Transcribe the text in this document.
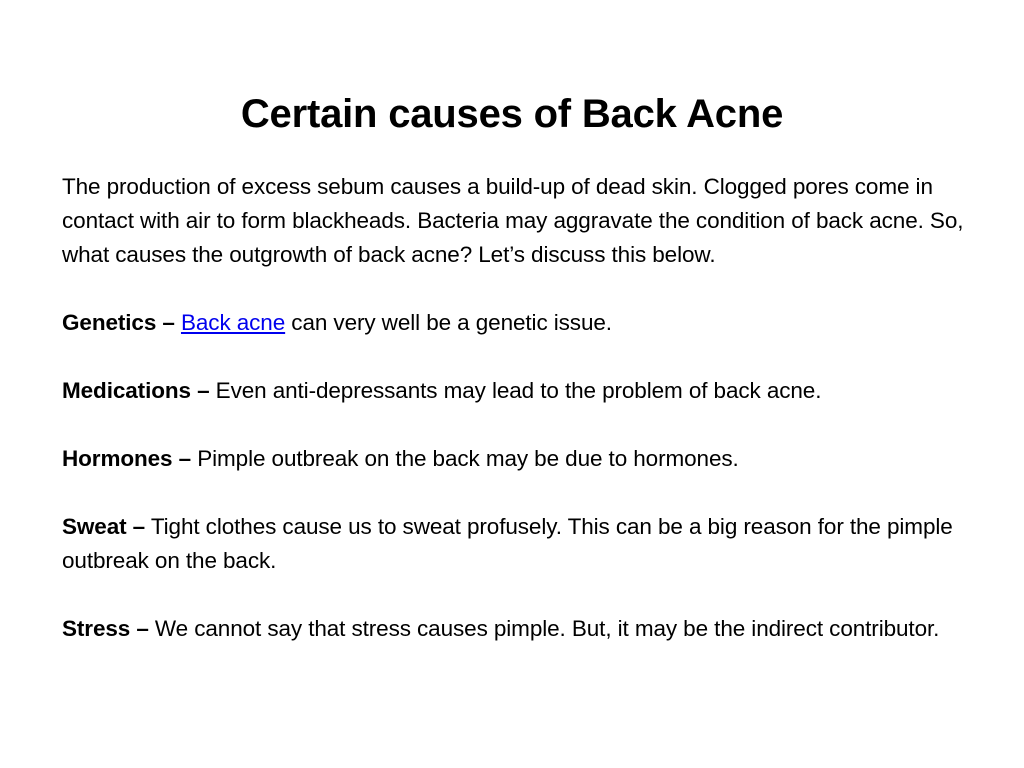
Certain causes of Back Acne

The production of excess sebum causes a build-up of dead skin. Clogged pores come in contact with air to form blackheads. Bacteria may aggravate the condition of back acne. So, what causes the outgrowth of back acne? Let’s discuss this below.

Genetics – Back acne can very well be a genetic issue.

Medications – Even anti-depressants may lead to the problem of back acne.

Hormones – Pimple outbreak on the back may be due to hormones.

Sweat – Tight clothes cause us to sweat profusely. This can be a big reason for the pimple outbreak on the back.

Stress – We cannot say that stress causes pimple. But, it may be the indirect contributor.
